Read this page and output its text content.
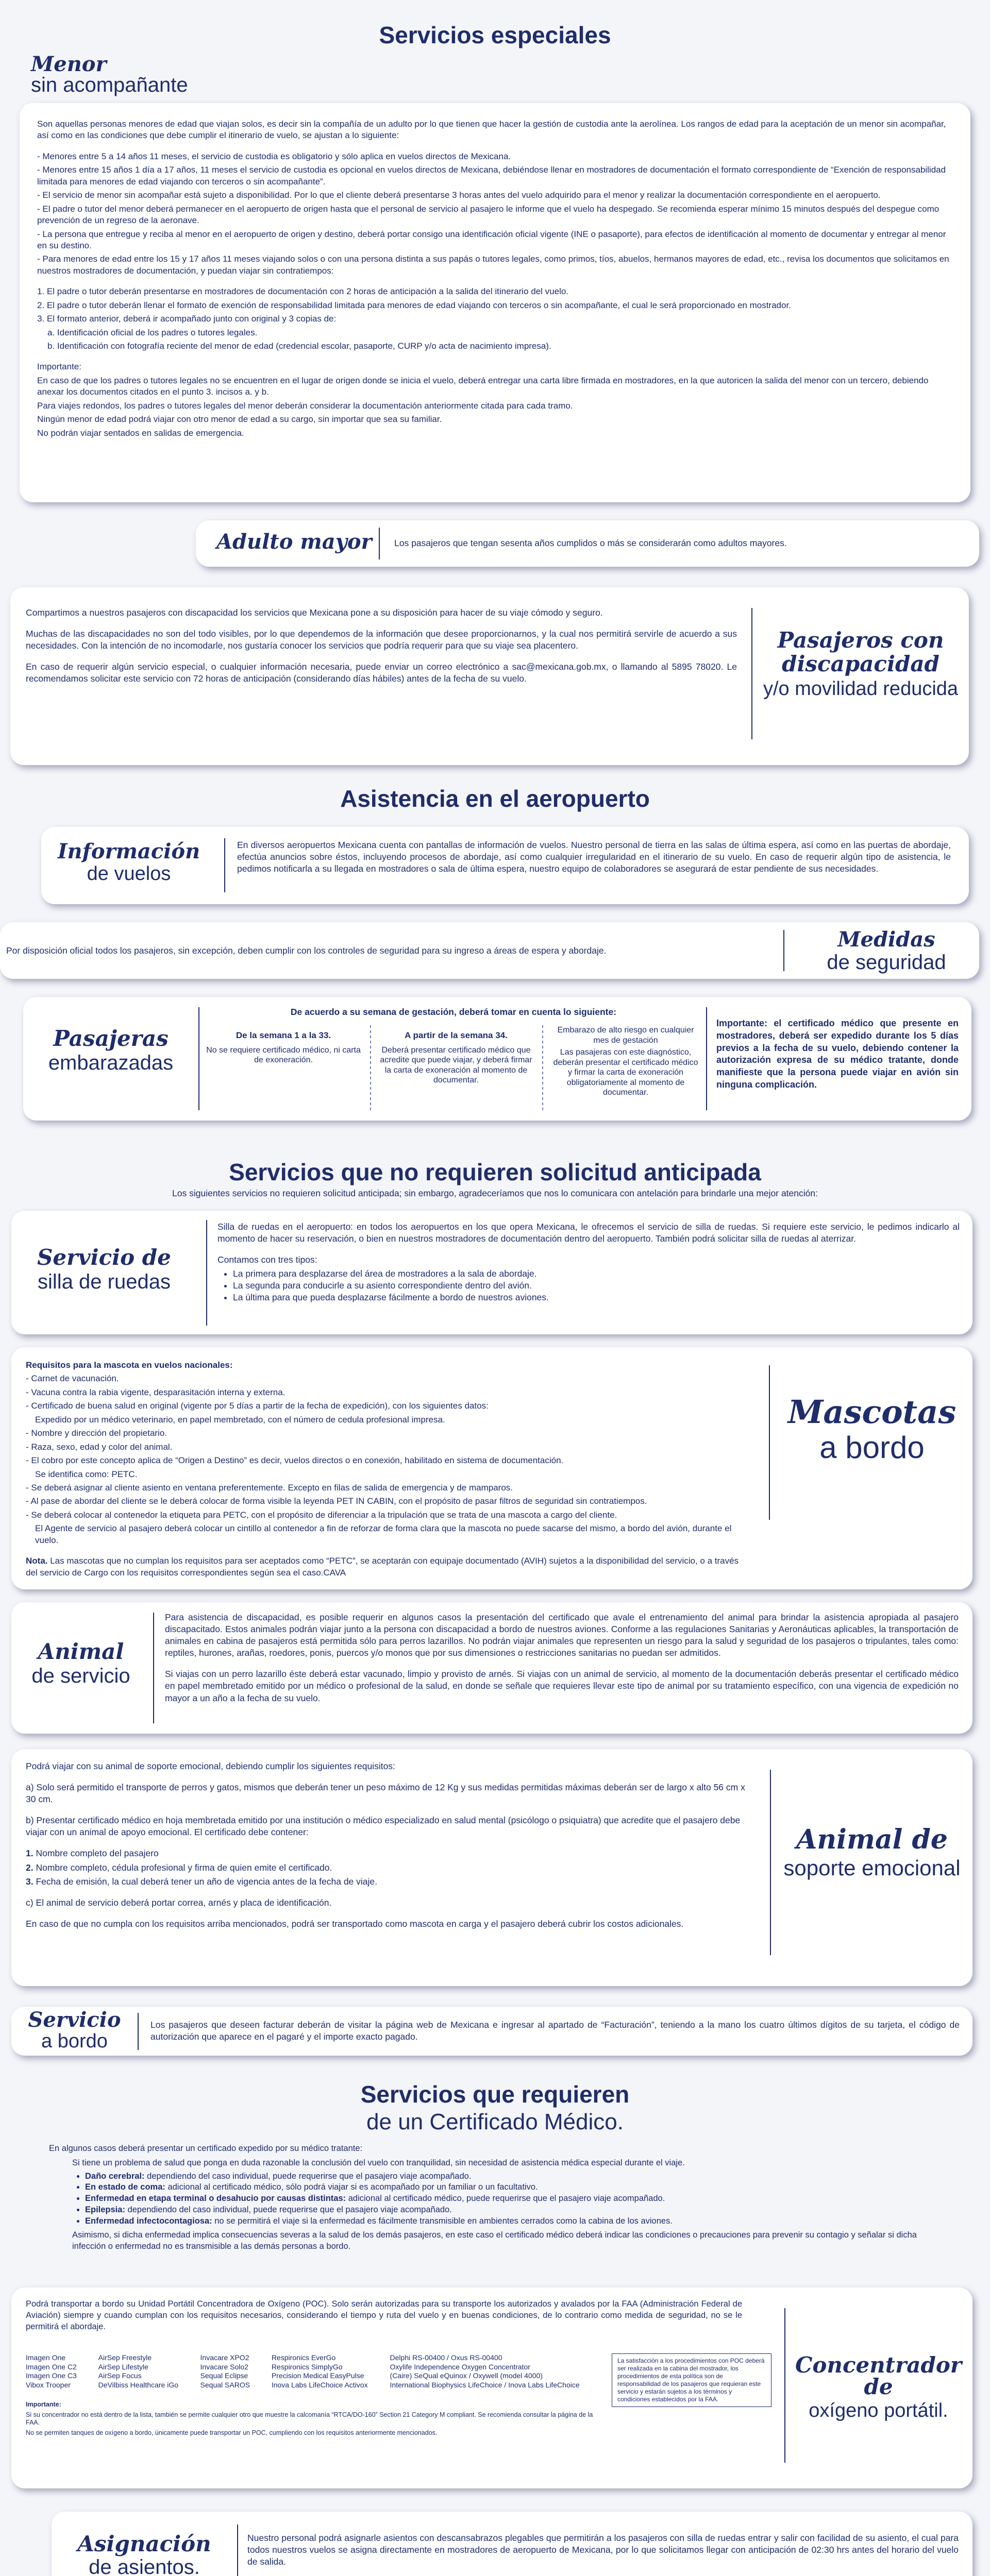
Servicios especiales
Menor
sin acompañante

Son aquellas personas menores de edad que viajan solos, es decir sin la compañía de un adulto por lo que tienen que hacer la gestión de custodia ante la aerolínea. Los rangos de edad para la aceptación de un menor sin acompañar, así como en las condiciones que debe cumplir el itinerario de vuelo, se ajustan a lo siguiente:

- Menores entre 5 a 14 años 11 meses, el servicio de custodia es obligatorio y sólo aplica en vuelos directos de Mexicana.

- Menores entre 15 años 1 día a 17 años, 11 meses el servicio de custodia es opcional en vuelos directos de Mexicana, debiéndose llenar en mostradores de documentación el formato correspondiente de “Exención de responsabilidad limitada para menores de edad viajando con terceros o sin acompañante”.

- El servicio de menor sin acompañar está sujeto a disponibilidad. Por lo que el cliente deberá presentarse 3 horas antes del vuelo adquirido para el menor y realizar la documentación correspondiente en el aeropuerto.

- El padre o tutor del menor deberá permanecer en el aeropuerto de origen hasta que el personal de servicio al pasajero le informe que el vuelo ha despegado. Se recomienda esperar mínimo 15 minutos después del despegue como prevención de un regreso de la aeronave.

- La persona que entregue y reciba al menor en el aeropuerto de origen y destino, deberá portar consigo una identificación oficial vigente (INE o pasaporte), para efectos de identificación al momento de documentar y entregar al menor en su destino.

- Para menores de edad entre los 15 y 17 años 11 meses viajando solos o con una persona distinta a sus papás o tutores legales, como primos, tíos, abuelos, hermanos mayores de edad, etc., revisa los documentos que solicitamos en nuestros mostradores de documentación, y puedan viajar sin contratiempos:

1. El padre o tutor deberán presentarse en mostradores de documentación con 2 horas de anticipación a la salida del itinerario del vuelo.

2. El padre o tutor deberán llenar el formato de exención de responsabilidad limitada para menores de edad viajando con terceros o sin acompañante, el cual le será proporcionado en mostrador.

3. El formato anterior, deberá ir acompañado junto con original y 3 copias de:

a. Identificación oficial de los padres o tutores legales.

b. Identificación con fotografía reciente del menor de edad (credencial escolar, pasaporte, CURP y/o acta de nacimiento impresa).

Importante:

En caso de que los padres o tutores legales no se encuentren en el lugar de origen donde se inicia el vuelo, deberá entregar una carta libre firmada en mostradores, en la que autoricen la salida del menor con un tercero, debiendo anexar los documentos citados en el punto 3. incisos a. y b.

Para viajes redondos, los padres o tutores legales del menor deberán considerar la documentación anteriormente citada para cada tramo.

Ningún menor de edad podrá viajar con otro menor de edad a su cargo, sin importar que sea su familiar.

No podrán viajar sentados en salidas de emergencia.

Adulto mayor Los pasajeros que tengan sesenta años cumplidos o más se considerarán como adultos mayores.

Compartimos a nuestros pasajeros con discapacidad los servicios que Mexicana pone a su disposición para hacer de su viaje cómodo y seguro.

Muchas de las discapacidades no son del todo visibles, por lo que dependemos de la información que desee proporcionarnos, y la cual nos permitirá servirle de acuerdo a sus necesidades. Con la intención de no incomodarle, nos gustaría conocer los servicios que podría requerir para que su viaje sea placentero.

En caso de requerir algún servicio especial, o cualquier información necesaria, puede enviar un correo electrónico a sac@mexicana.gob.mx, o llamando al 5895 78020. Le recomendamos solicitar este servicio con 72 horas de anticipación (considerando días hábiles) antes de la fecha de su vuelo.

Pasajeros con discapacidad
y/o movilidad reducida
Asistencia en el aeropuerto
Información
de vuelos
En diversos aeropuertos Mexicana cuenta con pantallas de información de vuelos. Nuestro personal de tierra en las salas de última espera, así como en las puertas de abordaje, efectúa anuncios sobre éstos, incluyendo procesos de abordaje, así como cualquier irregularidad en el itinerario de su vuelo. En caso de requerir algún tipo de asistencia, le pedimos notificarla a su llegada en mostradores o sala de última espera, nuestro equipo de colaboradores se asegurará de estar pendiente de sus necesidades.
Por disposición oficial todos los pasajeros, sin excepción, deben cumplir con los controles de seguridad para su ingreso a áreas de espera y abordaje.	Medidas
de seguridad
Pasajeras
embarazadas
De acuerdo a su semana de gestación, deberá tomar en cuenta lo siguiente:
De la semana 1 a la 33.
No se requiere certificado médico, ni carta de exoneración.
A partir de la semana 34.
Deberá presentar certificado médico que acredite que puede viajar, y deberá firmar la carta de exoneración al momento de documentar.
Embarazo de alto riesgo en cualquier mes de gestación
Las pasajeras con este diagnóstico, deberán presentar el certificado médico y firmar la carta de exoneración obligatoriamente al momento de documentar.
Importante: el certificado médico que presente en mostradores, deberá ser expedido durante los 5 días previos a la fecha de su vuelo, debiendo contener la autorización expresa de su médico tratante, donde manifieste que la persona puede viajar en avión sin ninguna complicación.
Servicios que no requieren solicitud anticipada
Los siguientes servicios no requieren solicitud anticipada; sin embargo, agradeceríamos que nos lo comunicara con antelación para brindarle una mejor atención:
Servicio de
silla de ruedas

Silla de ruedas en el aeropuerto: en todos los aeropuertos en los que opera Mexicana, le ofrecemos el servicio de silla de ruedas. Si requiere este servicio, le pedimos indicarlo al momento de hacer su reservación, o bien en nuestros mostradores de documentación dentro del aeropuerto. También podrá solicitar silla de ruedas al aterrizar.

Contamos con tres tipos:

• La primera para desplazarse del área de mostradores a la sala de abordaje.
• La segunda para conducirle a su asiento correspondiente dentro del avión.
• La última para que pueda desplazarse fácilmente a bordo de nuestros aviones.

Requisitos para la mascota en vuelos nacionales:

- Carnet de vacunación.

- Vacuna contra la rabia vigente, desparasitación interna y externa.

- Certificado de buena salud en original (vigente por 5 días a partir de la fecha de expedición), con los siguientes datos:

Expedido por un médico veterinario, en papel membretado, con el número de cedula profesional impresa.

- Nombre y dirección del propietario.

- Raza, sexo, edad y color del animal.

- El cobro por este concepto aplica de “Origen a Destino” es decir, vuelos directos o en conexión, habilitado en sistema de documentación.

Se identifica como: PETC.

- Se deberá asignar al cliente asiento en ventana preferentemente. Excepto en filas de salida de emergencia y de mamparos.

- Al pase de abordar del cliente se le deberá colocar de forma visible la leyenda PET IN CABIN, con el propósito de pasar filtros de seguridad sin contratiempos.

- Se deberá colocar al contenedor la etiqueta para PETC, con el propósito de diferenciar a la tripulación que se trata de una mascota a cargo del cliente.

El Agente de servicio al pasajero deberá colocar un cintillo al contenedor a fin de reforzar de forma clara que la mascota no puede sacarse del mismo, a bordo del avión, durante el vuelo.

Nota. Las mascotas que no cumplan los requisitos para ser aceptados como “PETC”, se aceptarán con equipaje documentado (AVIH) sujetos a la disponibilidad del servicio, o a través del servicio de Cargo con los requisitos correspondientes según sea el caso.CAVA

Mascotas
a bordo
Animal
de servicio

Para asistencia de discapacidad, es posible requerir en algunos casos la presentación del certificado que avale el entrenamiento del animal para brindar la asistencia apropiada al pasajero discapacitado. Estos animales podrán viajar junto a la persona con discapacidad a bordo de nuestros aviones. Conforme a las regulaciones Sanitarias y Aeronáuticas aplicables, la transportación de animales en cabina de pasajeros está permitida sólo para perros lazarillos. No podrán viajar animales que representen un riesgo para la salud y seguridad de los pasajeros o tripulantes, tales como: reptiles, hurones, arañas, roedores, ponis, puercos y/o monos que por sus dimensiones o restricciones sanitarias no puedan ser admitidos.

Si viajas con un perro lazarillo éste deberá estar vacunado, limpio y provisto de arnés. Si viajas con un animal de servicio, al momento de la documentación deberás presentar el certificado médico en papel membretado emitido por un médico o profesional de la salud, en donde se señale que requieres llevar este tipo de animal por su tratamiento específico, con una vigencia de expedición no mayor a un año a la fecha de su vuelo.

Podrá viajar con su animal de soporte emocional, debiendo cumplir los siguientes requisitos:

a) Solo será permitido el transporte de perros y gatos, mismos que deberán tener un peso máximo de 12 Kg y sus medidas permitidas máximas deberán ser de largo x alto 56 cm x 30 cm.

b) Presentar certificado médico en hoja membretada emitido por una institución o médico especializado en salud mental (psicólogo o psiquiatra) que acredite que el pasajero debe viajar con un animal de apoyo emocional. El certificado debe contener:

1. Nombre completo del pasajero

2. Nombre completo, cédula profesional y firma de quien emite el certificado.

3. Fecha de emisión, la cual deberá tener un año de vigencia antes de la fecha de viaje.

c) El animal de servicio deberá portar correa, arnés y placa de identificación.

En caso de que no cumpla con los requisitos arriba mencionados, podrá ser transportado como mascota en carga y el pasajero deberá cubrir los costos adicionales.

Animal de
soporte emocional
Servicio
a bordo
Los pasajeros que deseen facturar deberán de visitar la página web de Mexicana e ingresar al apartado de “Facturación”, teniendo a la mano los cuatro últimos dígitos de su tarjeta, el código de autorización que aparece en el pagaré y el importe exacto pagado.
Servicios que requieren
de un Certificado Médico.

En algunos casos deberá presentar un certificado expedido por su médico tratante:

Si tiene un problema de salud que ponga en duda razonable la conclusión del vuelo con tranquilidad, sin necesidad de asistencia médica especial durante el viaje.

• Daño cerebral: dependiendo del caso individual, puede requerirse que el pasajero viaje acompañado.
• En estado de coma: adicional al certificado médico, sólo podrá viajar si es acompañado por un familiar o un facultativo.
• Enfermedad en etapa terminal o desahucio por causas distintas: adicional al certificado médico, puede requerirse que el pasajero viaje acompañado.
• Epilepsia: dependiendo del caso individual, puede requerirse que el pasajero viaje acompañado.
• Enfermedad infectocontagiosa: no se permitirá el viaje si la enfermedad es fácilmente transmisible en ambientes cerrados como la cabina de los aviones.

Asimismo, si dicha enfermedad implica consecuencias severas a la salud de los demás pasajeros, en este caso el certificado médico deberá indicar las condiciones o precauciones para prevenir su contagio y señalar si dicha infección o enfermedad no es transmisible a las demás personas a bordo.

Podrá transportar a bordo su Unidad Portátil Concentradora de Oxígeno (POC). Solo serán autorizadas para su transporte los autorizados y avalados por la FAA (Administración Federal de Aviación) siempre y cuando cumplan con los requisitos necesarios, considerando el tiempo y ruta del vuelo y en buenas condiciones, de lo contrario como medida de seguridad, no se le permitirá el abordaje.
Imagen One	AirSep Freestyle	Invacare XPO2	Respironics EverGo	Delphi RS-00400 / Oxus RS-00400
Imagen One C2	AirSep Lifestyle	Invacare Solo2	Respironics SimplyGo	Oxylife Independence Oxygen Concentrator
Imagen One C3	AirSep Focus	Sequal Eclipse	Precision Medical EasyPulse	(Caire) SeQual eQuinox / Oxywell (model 4000)
Vibox Trooper	DeVilbiss Healthcare iGo	Sequal SAROS	Inova Labs LifeChoice Activox	International Biophysics LifeChoice / Inova Labs LifeChoice
La satisfacción a los procedimientos con POC deberá ser realizada en la cabina del mostrador, los procedimientos de esta política son de responsabilidad de los pasajeros que requieran este servicio y estarán sujetos a los términos y condiciones establecidos por la FAA.

Importante:

Si su concentrador no está dentro de la lista, también se permite cualquier otro que muestre la calcomanía “RTCA/DO-160” Section 21 Category M compliant. Se recomienda consultar la página de la FAA.

No se permiten tanques de oxígeno a bordo, únicamente puede transportar un POC, cumpliendo con los requisitos anteriormente mencionados.

Concentrador de
oxígeno portátil.
Asignación
de asientos.
Nuestro personal podrá asignarle asientos con descansabrazos plegables que permitirán a los pasajeros con silla de ruedas entrar y salir con facilidad de su asiento, el cual para todos nuestros vuelos se asigna directamente en mostradores de aeropuerto de Mexicana, por lo que solicitamos llegar con anticipación de 02:30 hrs antes del horario del vuelo de salida.
